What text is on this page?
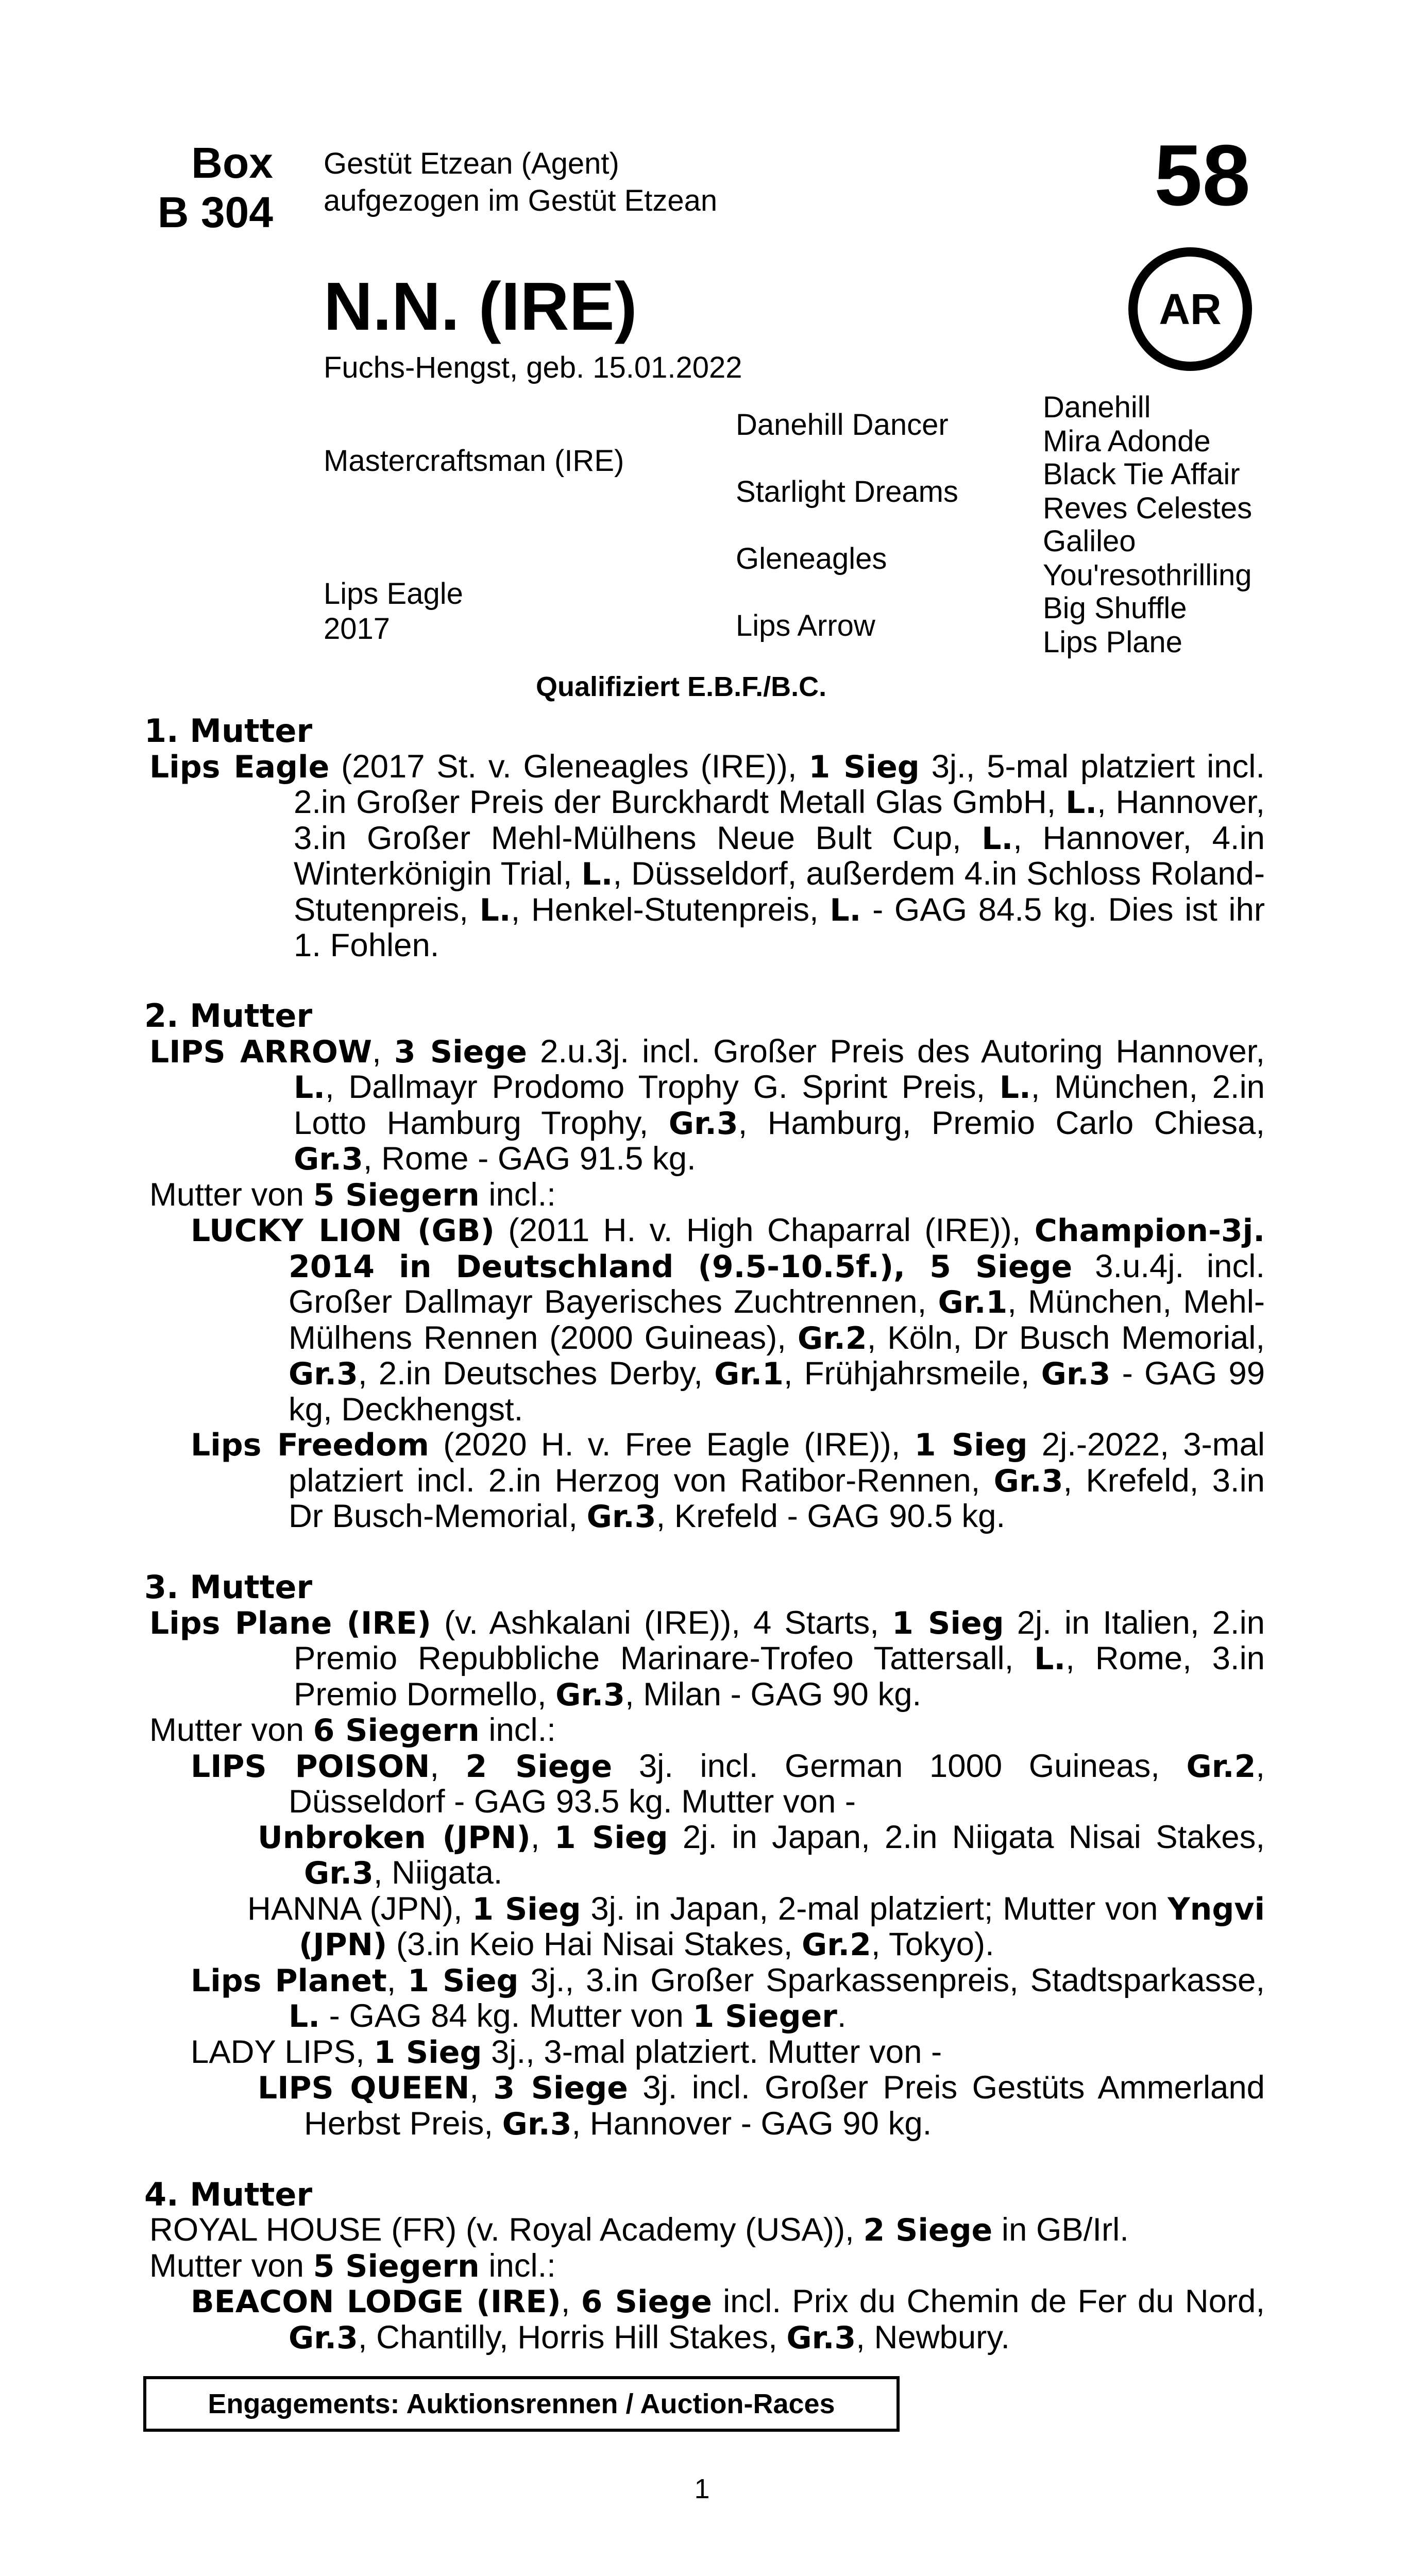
Box
B 304
Gestüt Etzean (Agent)
aufgezogen im Gestüt Etzean	58
AR
N.N. (IRE)
Fuchs-Hengst, geb. 15.01.2022
Mastercraftsman (IRE)
Lips Eagle
2017
Danehill Dancer
Starlight Dreams
Gleneagles
Lips Arrow
Danehill
Mira Adonde
Black Tie Affair
Reves Celestes
Galileo
You'resothrilling
Big Shuffle
Lips Plane
Qualifiziert E.B.F./B.C.
1. Mutter
Lips Eagle (2017 St. v. Gleneagles (IRE)), 1 Sieg 3j., 5-mal platziert incl. 2.in Großer Preis der Burckhardt Metall Glas GmbH, L., Hannover, 3.in Großer Mehl-Mülhens Neue Bult Cup, L., Hannover, 4.in Winterkönigin Trial, L., Düsseldorf, außerdem 4.in Schloss Roland-Stutenpreis, L., Henkel-Stutenpreis, L. - GAG 84.5 kg. Dies ist ihr 1. Fohlen.
2. Mutter
LIPS ARROW, 3 Siege 2.u.3j. incl. Großer Preis des Autoring Hannover, L., Dallmayr Prodomo Trophy G. Sprint Preis, L., München, 2.in Lotto Hamburg Trophy, Gr.3, Hamburg, Premio Carlo Chiesa, Gr.3, Rome - GAG 91.5 kg.
Mutter von 5 Siegern incl.:
LUCKY LION (GB) (2011 H. v. High Chaparral (IRE)), Champion-3j. 2014 in Deutschland (9.5-10.5f.), 5 Siege 3.u.4j. incl. Großer Dallmayr Bayerisches Zuchtrennen, Gr.1, München, Mehl-Mülhens Rennen (2000 Guineas), Gr.2, Köln, Dr Busch Memorial, Gr.3, 2.in Deutsches Derby, Gr.1, Frühjahrsmeile, Gr.3 - GAG 99 kg, Deckhengst.
Lips Freedom (2020 H. v. Free Eagle (IRE)), 1 Sieg 2j.-2022, 3-mal platziert incl. 2.in Herzog von Ratibor-Rennen, Gr.3, Krefeld, 3.in Dr Busch-Memorial, Gr.3, Krefeld - GAG 90.5 kg.
3. Mutter
Lips Plane (IRE) (v. Ashkalani (IRE)), 4 Starts, 1 Sieg 2j. in Italien, 2.in Premio Repubbliche Marinare-Trofeo Tattersall, L., Rome, 3.in Premio Dormello, Gr.3, Milan - GAG 90 kg.
Mutter von 6 Siegern incl.:
LIPS POISON, 2 Siege 3j. incl. German 1000 Guineas, Gr.2, Düsseldorf - GAG 93.5 kg. Mutter von -
Unbroken (JPN), 1 Sieg 2j. in Japan, 2.in Niigata Nisai Stakes, Gr.3, Niigata.
HANNA (JPN), 1 Sieg 3j. in Japan, 2-mal platziert; Mutter von Yngvi (JPN) (3.in Keio Hai Nisai Stakes, Gr.2, Tokyo).
Lips Planet, 1 Sieg 3j., 3.in Großer Sparkassenpreis, Stadtsparkasse, L. - GAG 84 kg. Mutter von 1 Sieger.
LADY LIPS, 1 Sieg 3j., 3-mal platziert. Mutter von -
LIPS QUEEN, 3 Siege 3j. incl. Großer Preis Gestüts Ammerland Herbst Preis, Gr.3, Hannover - GAG 90 kg.
4. Mutter
ROYAL HOUSE (FR) (v. Royal Academy (USA)), 2 Siege in GB/Irl.
Mutter von 5 Siegern incl.:
BEACON LODGE (IRE), 6 Siege incl. Prix du Chemin de Fer du Nord, Gr.3, Chantilly, Horris Hill Stakes, Gr.3, Newbury.
Engagements: Auktionsrennen / Auction-Races
1
